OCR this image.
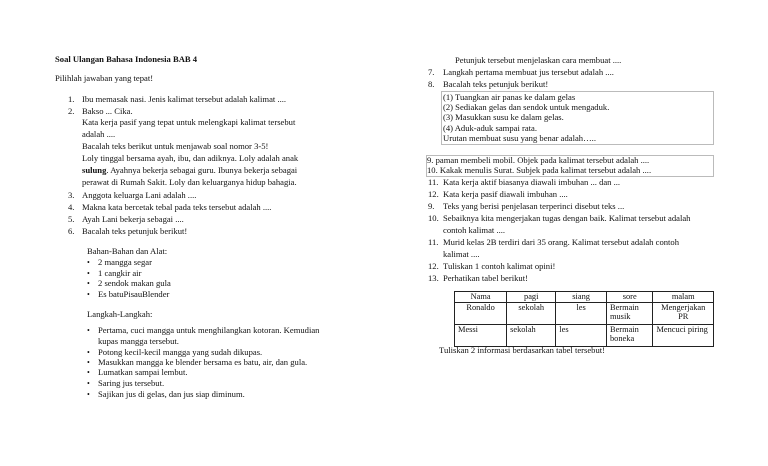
Soal Ulangan Bahasa Indonesia BAB 4
Pilihlah jawaban yang tepat!
1. Ibu memasak nasi. Jenis kalimat tersebut adalah kalimat ....
2. Bakso ... Cika.
Kata kerja pasif yang tepat untuk melengkapi kalimat tersebut
adalah ....
Bacalah teks berikut untuk menjawab soal nomor 3-5!
Loly tinggal bersama ayah, ibu, dan adiknya. Loly adalah anak
sulung. Ayahnya bekerja sebagai guru. Ibunya bekerja sebagai
perawat di Rumah Sakit. Loly dan keluarganya hidup bahagia.
3. Anggota keluarga Lani adalah ....
4. Makna kata bercetak tebal pada teks tersebut adalah ....
5. Ayah Lani bekerja sebagai ....
6. Bacalah teks petunjuk berikut!
Bahan-Bahan dan Alat:
• 2 mangga segar
• 1 cangkir air
• 2 sendok makan gula
• Es batuPisauBlender
Langkah-Langkah:
• Pertama, cuci mangga untuk menghilangkan kotoran. Kemudian
kupas mangga tersebut.
• Potong kecil-kecil mangga yang sudah dikupas.
• Masukkan mangga ke blender bersama es batu, air, dan gula.
• Lumatkan sampai lembut.
• Saring jus tersebut.
• Sajikan jus di gelas, dan jus siap diminum.
Petunjuk tersebut menjelaskan cara membuat ....
7. Langkah pertama membuat jus tersebut adalah ....
8. Bacalah teks petunjuk berikut!
(1) Tuangkan air panas ke dalam gelas
(2) Sediakan gelas dan sendok untuk mengaduk.
(3) Masukkan susu ke dalam gelas.
(4) Aduk-aduk sampai rata.
Urutan membuat susu yang benar adalah…..
9. paman membeli mobil. Objek pada kalimat tersebut adalah ....
10. Kakak menulis Surat. Subjek pada kalimat tersebut adalah ....
11. Kata kerja aktif biasanya diawali imbuhan ... dan ...
12. Kata kerja pasif diawali imbuhan ....
9. Teks yang berisi penjelasan terperinci disebut teks ...
10. Sebaiknya kita mengerjakan tugas dengan baik. Kalimat tersebut adalah
contoh kalimat ....
11. Murid kelas 2B terdiri dari 35 orang. Kalimat tersebut adalah contoh
kalimat ....
12. Tuliskan 1 contoh kalimat opini!
13. Perhatikan tabel berikut!
Nama	pagi	siang	sore	malam
Ronaldo	sekolah	les	Bermain musik	Mengerjakan PR
Messi	sekolah	les	Bermain boneka	Mencuci piring
Tuliskan 2 informasi berdasarkan tabel tersebut!
